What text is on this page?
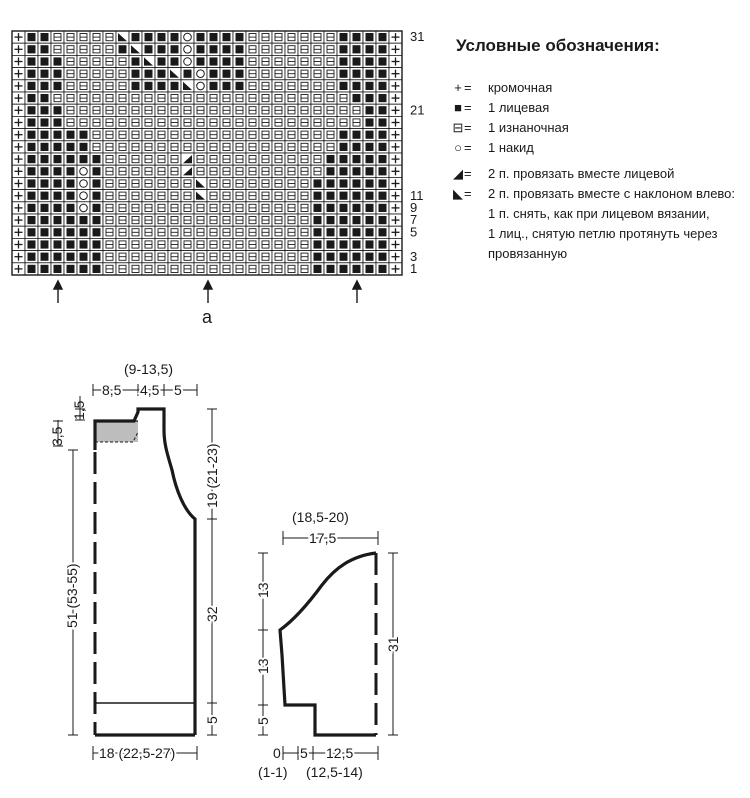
31
21
11
9
7
5
3
1
a
(9-13,5)
8,5 4,5 5
1,5
3,5
51 (53-55)
19 (21-23)
32
5
18 (22,5-27)
(18,5-20)
17,5
13
13
5
31
0 5 12,5
(1-1) (12,5-14)
Условные обозначения:
+ = кромочная
■ = 1 лицевая
⊟ = 1 изнаночная
○ = 1 накид
◢ = 2 п. провязать вместе лицевой
◣ = 2 п. провязать вместе с наклоном влево:
1 п. снять, как при лицевом вязании,
1 лиц., снятую петлю протянуть через
провязанную
